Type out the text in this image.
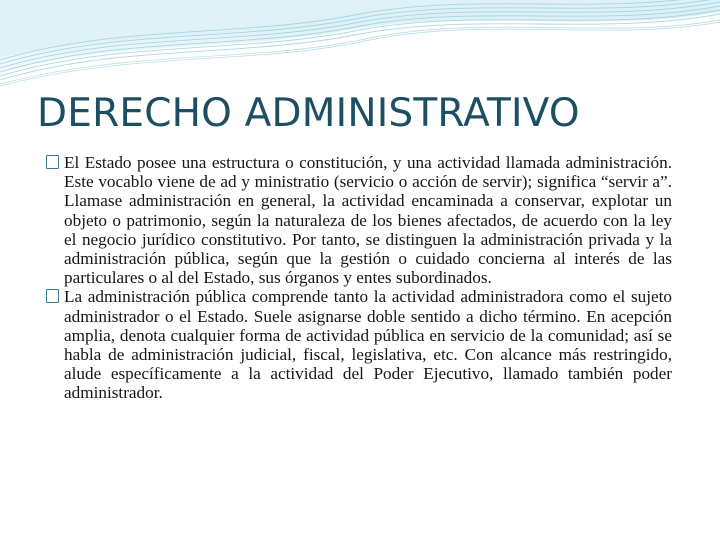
DERECHO ADMINISTRATIVO
El Estado posee una estructura o constitución, y una actividad llamada administración. Este vocablo viene de ad y ministratio (servicio o acción de servir); significa “servir a”. Llamase administración en general, la actividad encaminada a conservar, explotar un objeto o patrimonio, según la naturaleza de los bienes afectados, de acuerdo con la ley el negocio jurídico constitutivo. Por tanto, se distinguen la administración privada y la administración pública, según que la gestión o cuidado concierna al interés de las particulares o al del Estado, sus órganos y entes subordinados.
La administración pública comprende tanto la actividad administradora como el sujeto administrador o el Estado. Suele asignarse doble sentido a dicho término. En acepción amplia, denota cualquier forma de actividad pública en servicio de la comunidad; así se habla de administración judicial, fiscal, legislativa, etc. Con alcance más restringido, alude específicamente a la actividad del Poder Ejecutivo, llamado también poder administrador.
